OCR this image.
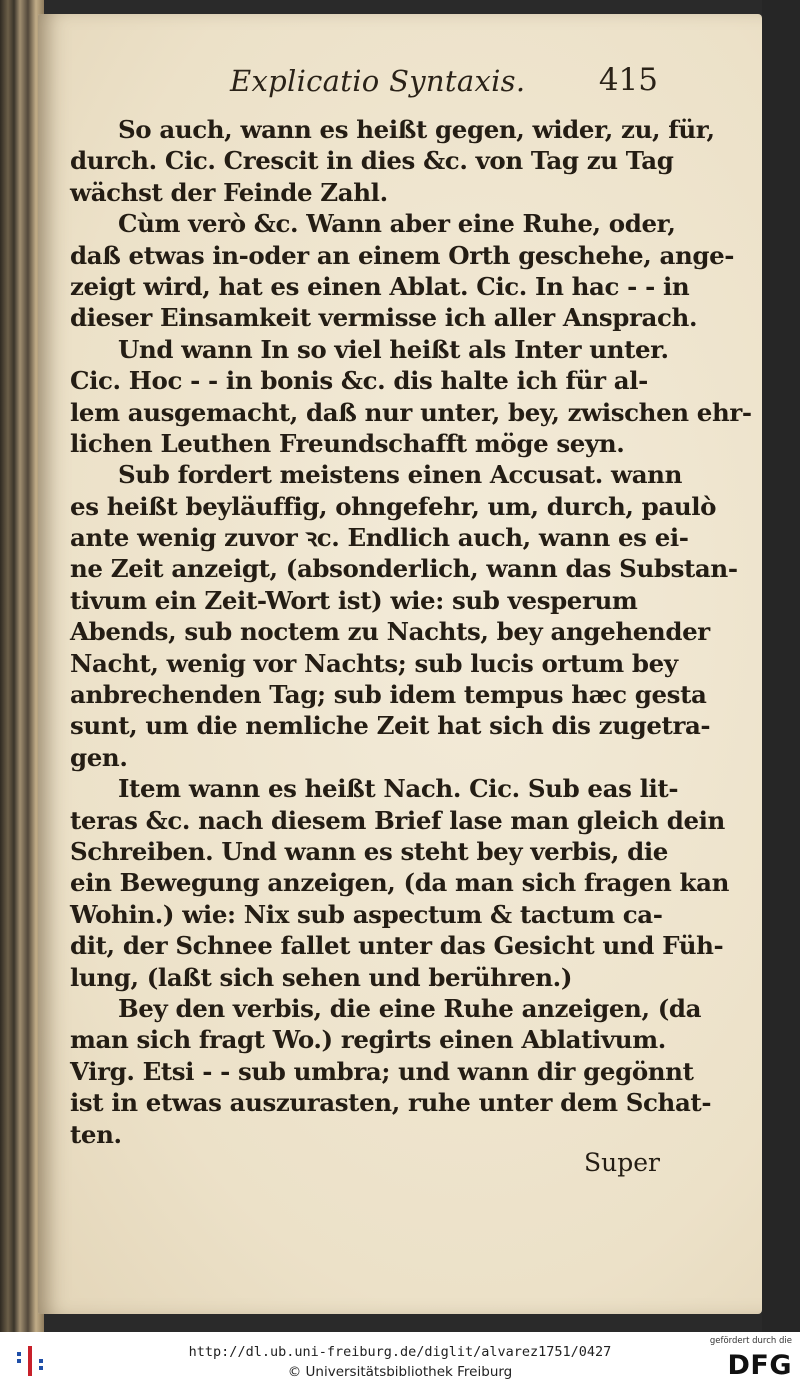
Explicatio Syntaxis. 415
So auch, wann es heißt gegen, wider, zu, für,
durch. Cic. Crescit in dies &c. von Tag zu Tag
wächst der Feinde Zahl.
Cùm verò &c. Wann aber eine Ruhe, oder,
daß etwas in-oder an einem Orth geschehe, ange-
zeigt wird, hat es einen Ablat. Cic. In hac - - in
dieser Einsamkeit vermisse ich aller Ansprach.
Und wann In so viel heißt als Inter unter.
Cic. Hoc - - in bonis &c. dis halte ich für al-
lem ausgemacht, daß nur unter, bey, zwischen ehr-
lichen Leuthen Freundschafft möge seyn.
Sub fordert meistens einen Accusat. wann
es heißt beyläuffig, ohngefehr, um, durch, paulò
ante wenig zuvor ꝛc. Endlich auch, wann es ei-
ne Zeit anzeigt, (absonderlich, wann das Substan-
tivum ein Zeit-Wort ist) wie: sub vesperum
Abends, sub noctem zu Nachts, bey angehender
Nacht, wenig vor Nachts; sub lucis ortum bey
anbrechenden Tag; sub idem tempus hæc gesta
sunt, um die nemliche Zeit hat sich dis zugetra-
gen.
Item wann es heißt Nach. Cic. Sub eas lit-
teras &c. nach diesem Brief lase man gleich dein
Schreiben. Und wann es steht bey verbis, die
ein Bewegung anzeigen, (da man sich fragen kan
Wohin.) wie: Nix sub aspectum & tactum ca-
dit, der Schnee fallet unter das Gesicht und Füh-
lung, (laßt sich sehen und berühren.)
Bey den verbis, die eine Ruhe anzeigen, (da
man sich fragt Wo.) regirts einen Ablativum.
Virg. Etsi - - sub umbra; und wann dir gegönnt
ist in etwas auszurasten, ruhe unter dem Schat-
ten.
Super
http://dl.ub.uni-freiburg.de/diglit/alvarez1751/0427
© Universitätsbibliothek Freiburg
gefördert durch die
DFG
